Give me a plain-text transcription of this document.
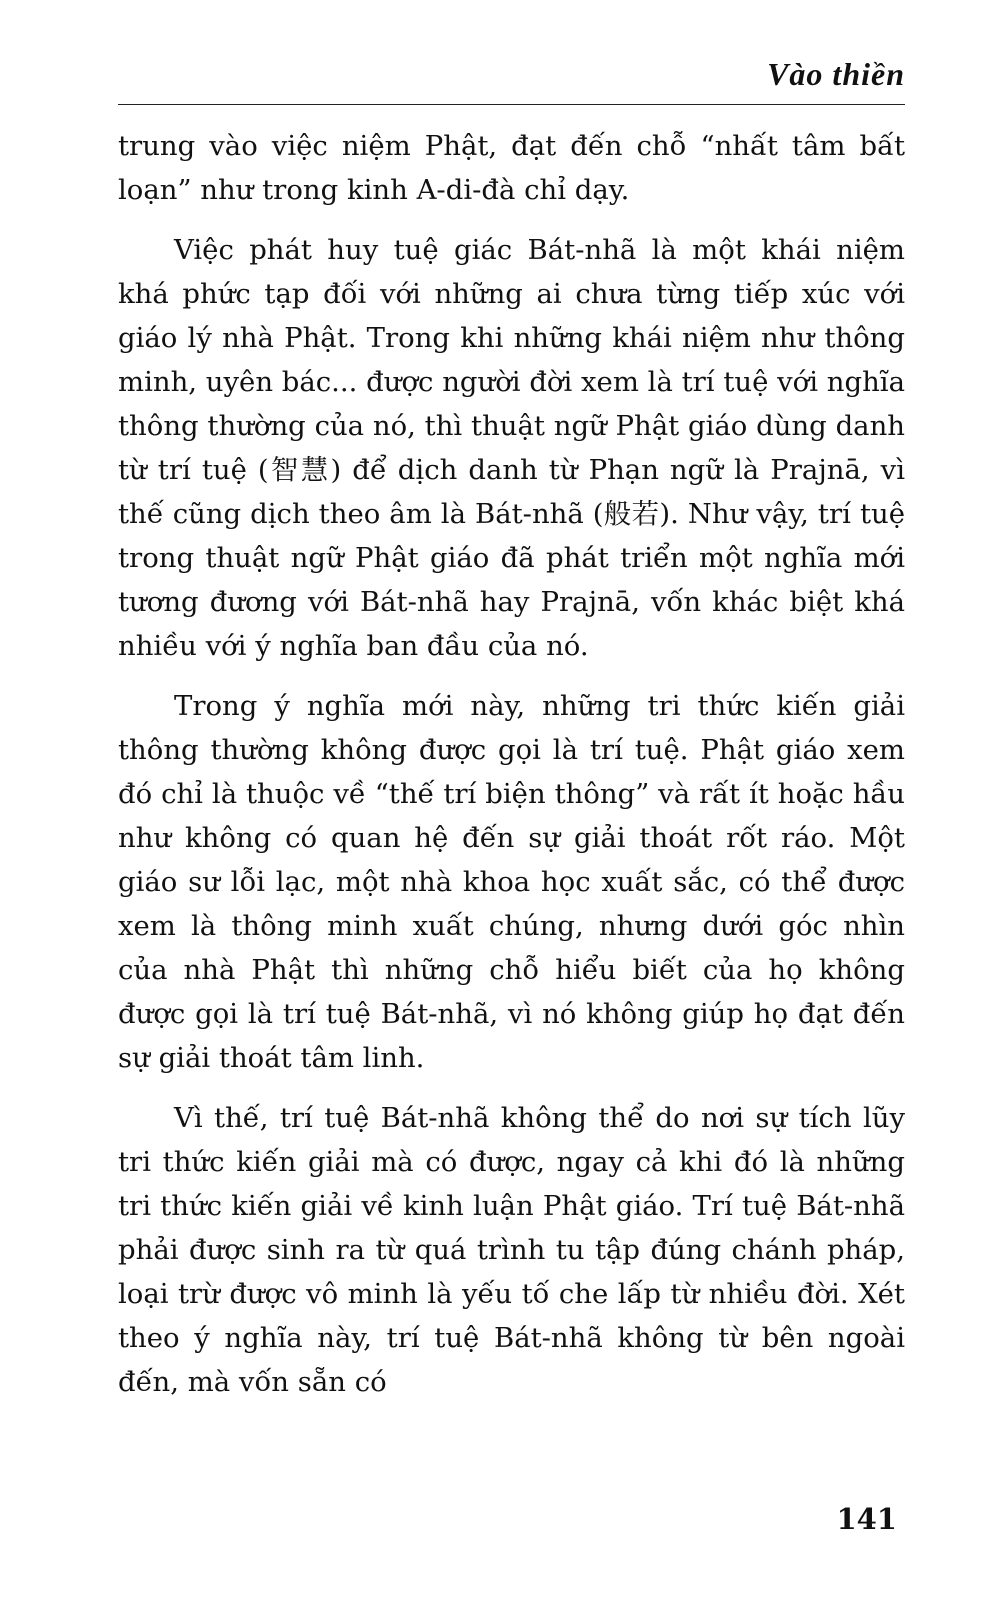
Vào thiền

trung vào việc niệm Phật, đạt đến chỗ “nhất tâm bất loạn” như trong kinh A-di-đà chỉ dạy.

Việc phát huy tuệ giác Bát-nhã là một khái niệm khá phức tạp đối với những ai chưa từng tiếp xúc với giáo lý nhà Phật. Trong khi những khái niệm như thông minh, uyên bác... được người đời xem là trí tuệ với nghĩa thông thường của nó, thì thuật ngữ Phật giáo dùng danh từ trí tuệ (智慧) để dịch danh từ Phạn ngữ là Prajnā, vì thế cũng dịch theo âm là Bát-nhã (般若). Như vậy, trí tuệ trong thuật ngữ Phật giáo đã phát triển một nghĩa mới tương đương với Bát-nhã hay Prajnā, vốn khác biệt khá nhiều với ý nghĩa ban đầu của nó.

Trong ý nghĩa mới này, những tri thức kiến giải thông thường không được gọi là trí tuệ. Phật giáo xem đó chỉ là thuộc về “thế trí biện thông” và rất ít hoặc hầu như không có quan hệ đến sự giải thoát rốt ráo. Một giáo sư lỗi lạc, một nhà khoa học xuất sắc, có thể được xem là thông minh xuất chúng, nhưng dưới góc nhìn của nhà Phật thì những chỗ hiểu biết của họ không được gọi là trí tuệ Bát-nhã, vì nó không giúp họ đạt đến sự giải thoát tâm linh.

Vì thế, trí tuệ Bát-nhã không thể do nơi sự tích lũy tri thức kiến giải mà có được, ngay cả khi đó là những tri thức kiến giải về kinh luận Phật giáo. Trí tuệ Bát-nhã phải được sinh ra từ quá trình tu tập đúng chánh pháp, loại trừ được vô minh là yếu tố che lấp từ nhiều đời. Xét theo ý nghĩa này, trí tuệ Bát-nhã không từ bên ngoài đến, mà vốn sẵn có

141
